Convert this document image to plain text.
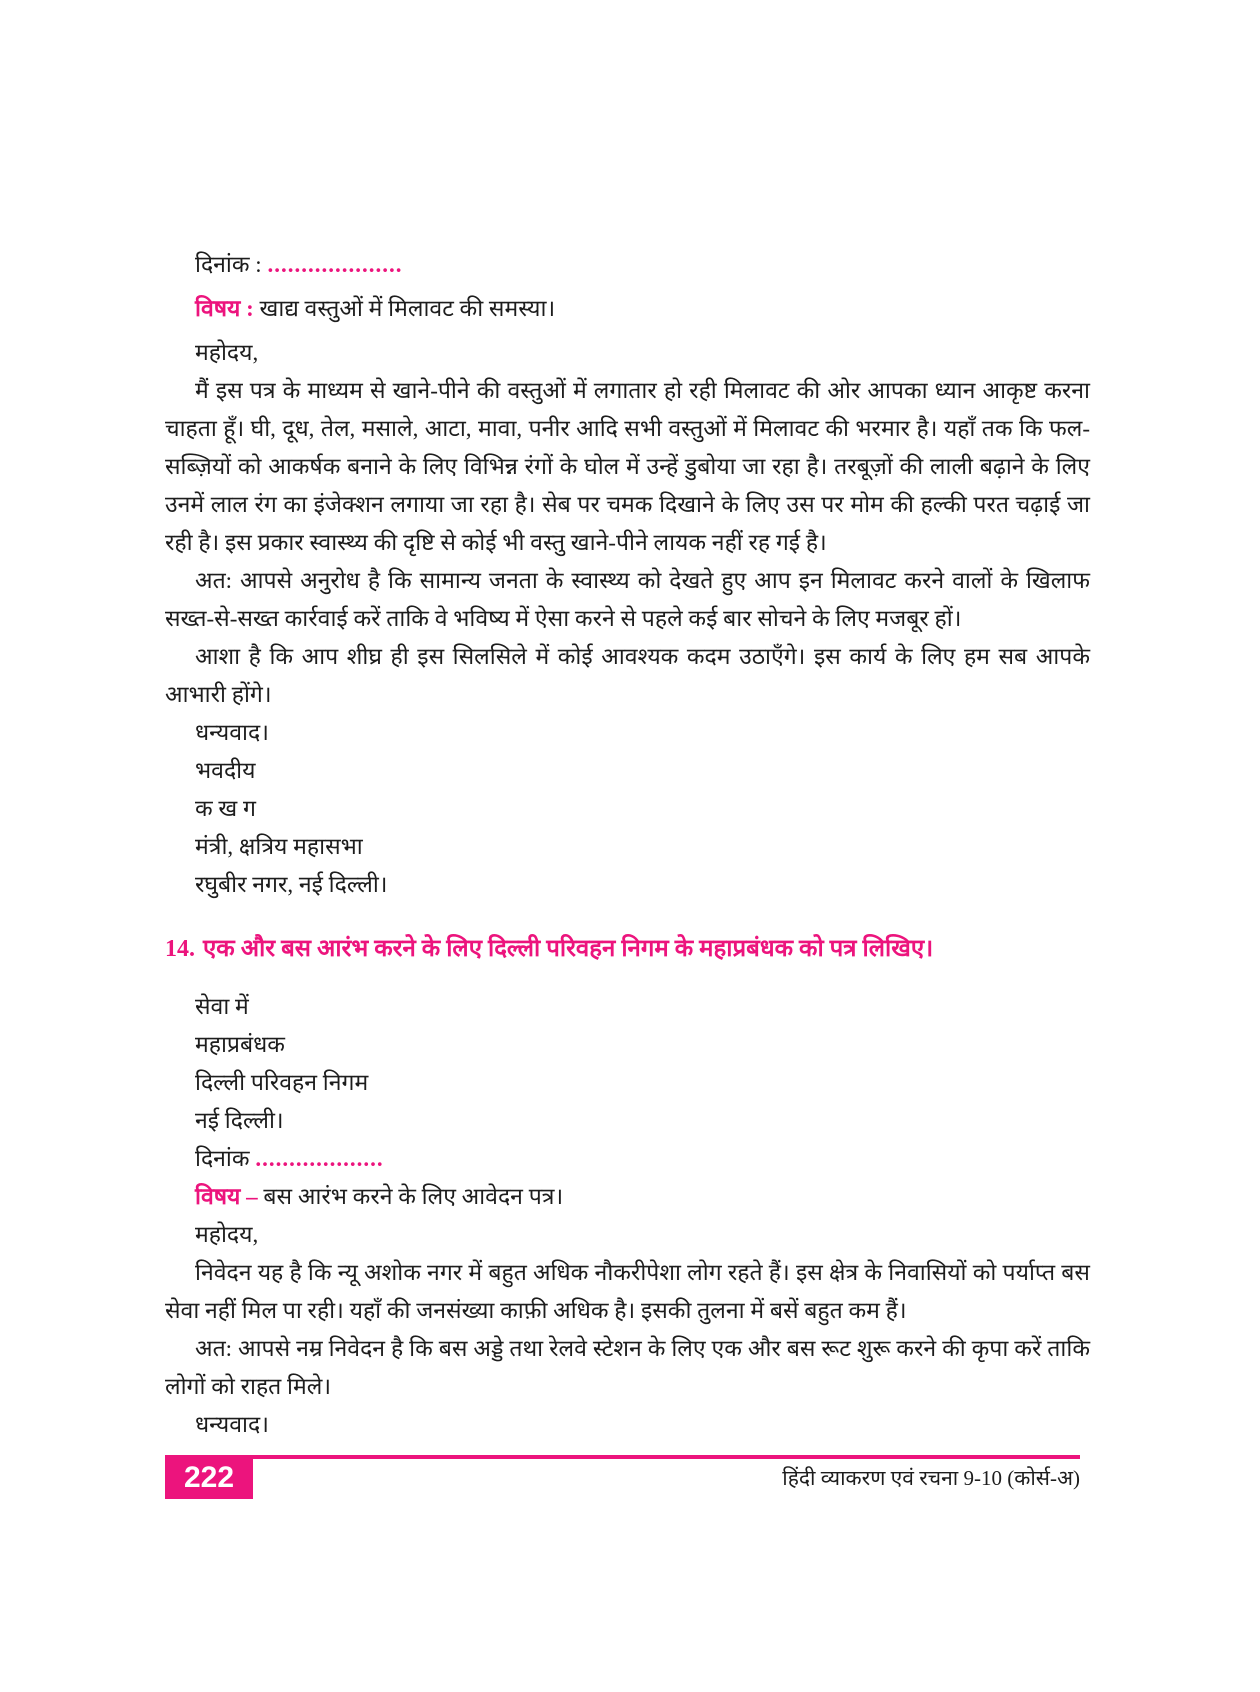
दिनांक : ....................
विषय : खाद्य वस्तुओं में मिलावट की समस्या।
महोदय,

मैं इस पत्र के माध्यम से खाने-पीने की वस्तुओं में लगातार हो रही मिलावट की ओर आपका ध्यान आकृष्ट करना चाहता हूँ। घी, दूध, तेल, मसाले, आटा, मावा, पनीर आदि सभी वस्तुओं में मिलावट की भरमार है। यहाँ तक कि फल-सब्ज़ियों को आकर्षक बनाने के लिए विभिन्न रंगों के घोल में उन्हें डुबोया जा रहा है। तरबूज़ों की लाली बढ़ाने के लिए उनमें लाल रंग का इंजेक्शन लगाया जा रहा है। सेब पर चमक दिखाने के लिए उस पर मोम की हल्की परत चढ़ाई जा रही है। इस प्रकार स्वास्थ्य की दृष्टि से कोई भी वस्तु खाने-पीने लायक नहीं रह गई है।

अत: आपसे अनुरोध है कि सामान्य जनता के स्वास्थ्य को देखते हुए आप इन मिलावट करने वालों के खिलाफ सख्त-से-सख्त कार्रवाई करें ताकि वे भविष्य में ऐसा करने से पहले कई बार सोचने के लिए मजबूर हों।

आशा है कि आप शीघ्र ही इस सिलसिले में कोई आवश्यक कदम उठाएँगे। इस कार्य के लिए हम सब आपके आभारी होंगे।

धन्यवाद।
भवदीय
क ख ग
मंत्री, क्षत्रिय महासभा
रघुबीर नगर, नई दिल्ली।
14. एक और बस आरंभ करने के लिए दिल्ली परिवहन निगम के महाप्रबंधक को पत्र लिखिए।
सेवा में
महाप्रबंधक
दिल्ली परिवहन निगम
नई दिल्ली।
दिनांक ...................
विषय – बस आरंभ करने के लिए आवेदन पत्र।
महोदय,

निवेदन यह है कि न्यू अशोक नगर में बहुत अधिक नौकरीपेशा लोग रहते हैं। इस क्षेत्र के निवासियों को पर्याप्त बस सेवा नहीं मिल पा रही। यहाँ की जनसंख्या काफ़ी अधिक है। इसकी तुलना में बसें बहुत कम हैं।

अत: आपसे नम्र निवेदन है कि बस अड्डे तथा रेलवे स्टेशन के लिए एक और बस रूट शुरू करने की कृपा करें ताकि लोगों को राहत मिले।

धन्यवाद।
222	हिंदी व्याकरण एवं रचना 9-10 (कोर्स-अ)
